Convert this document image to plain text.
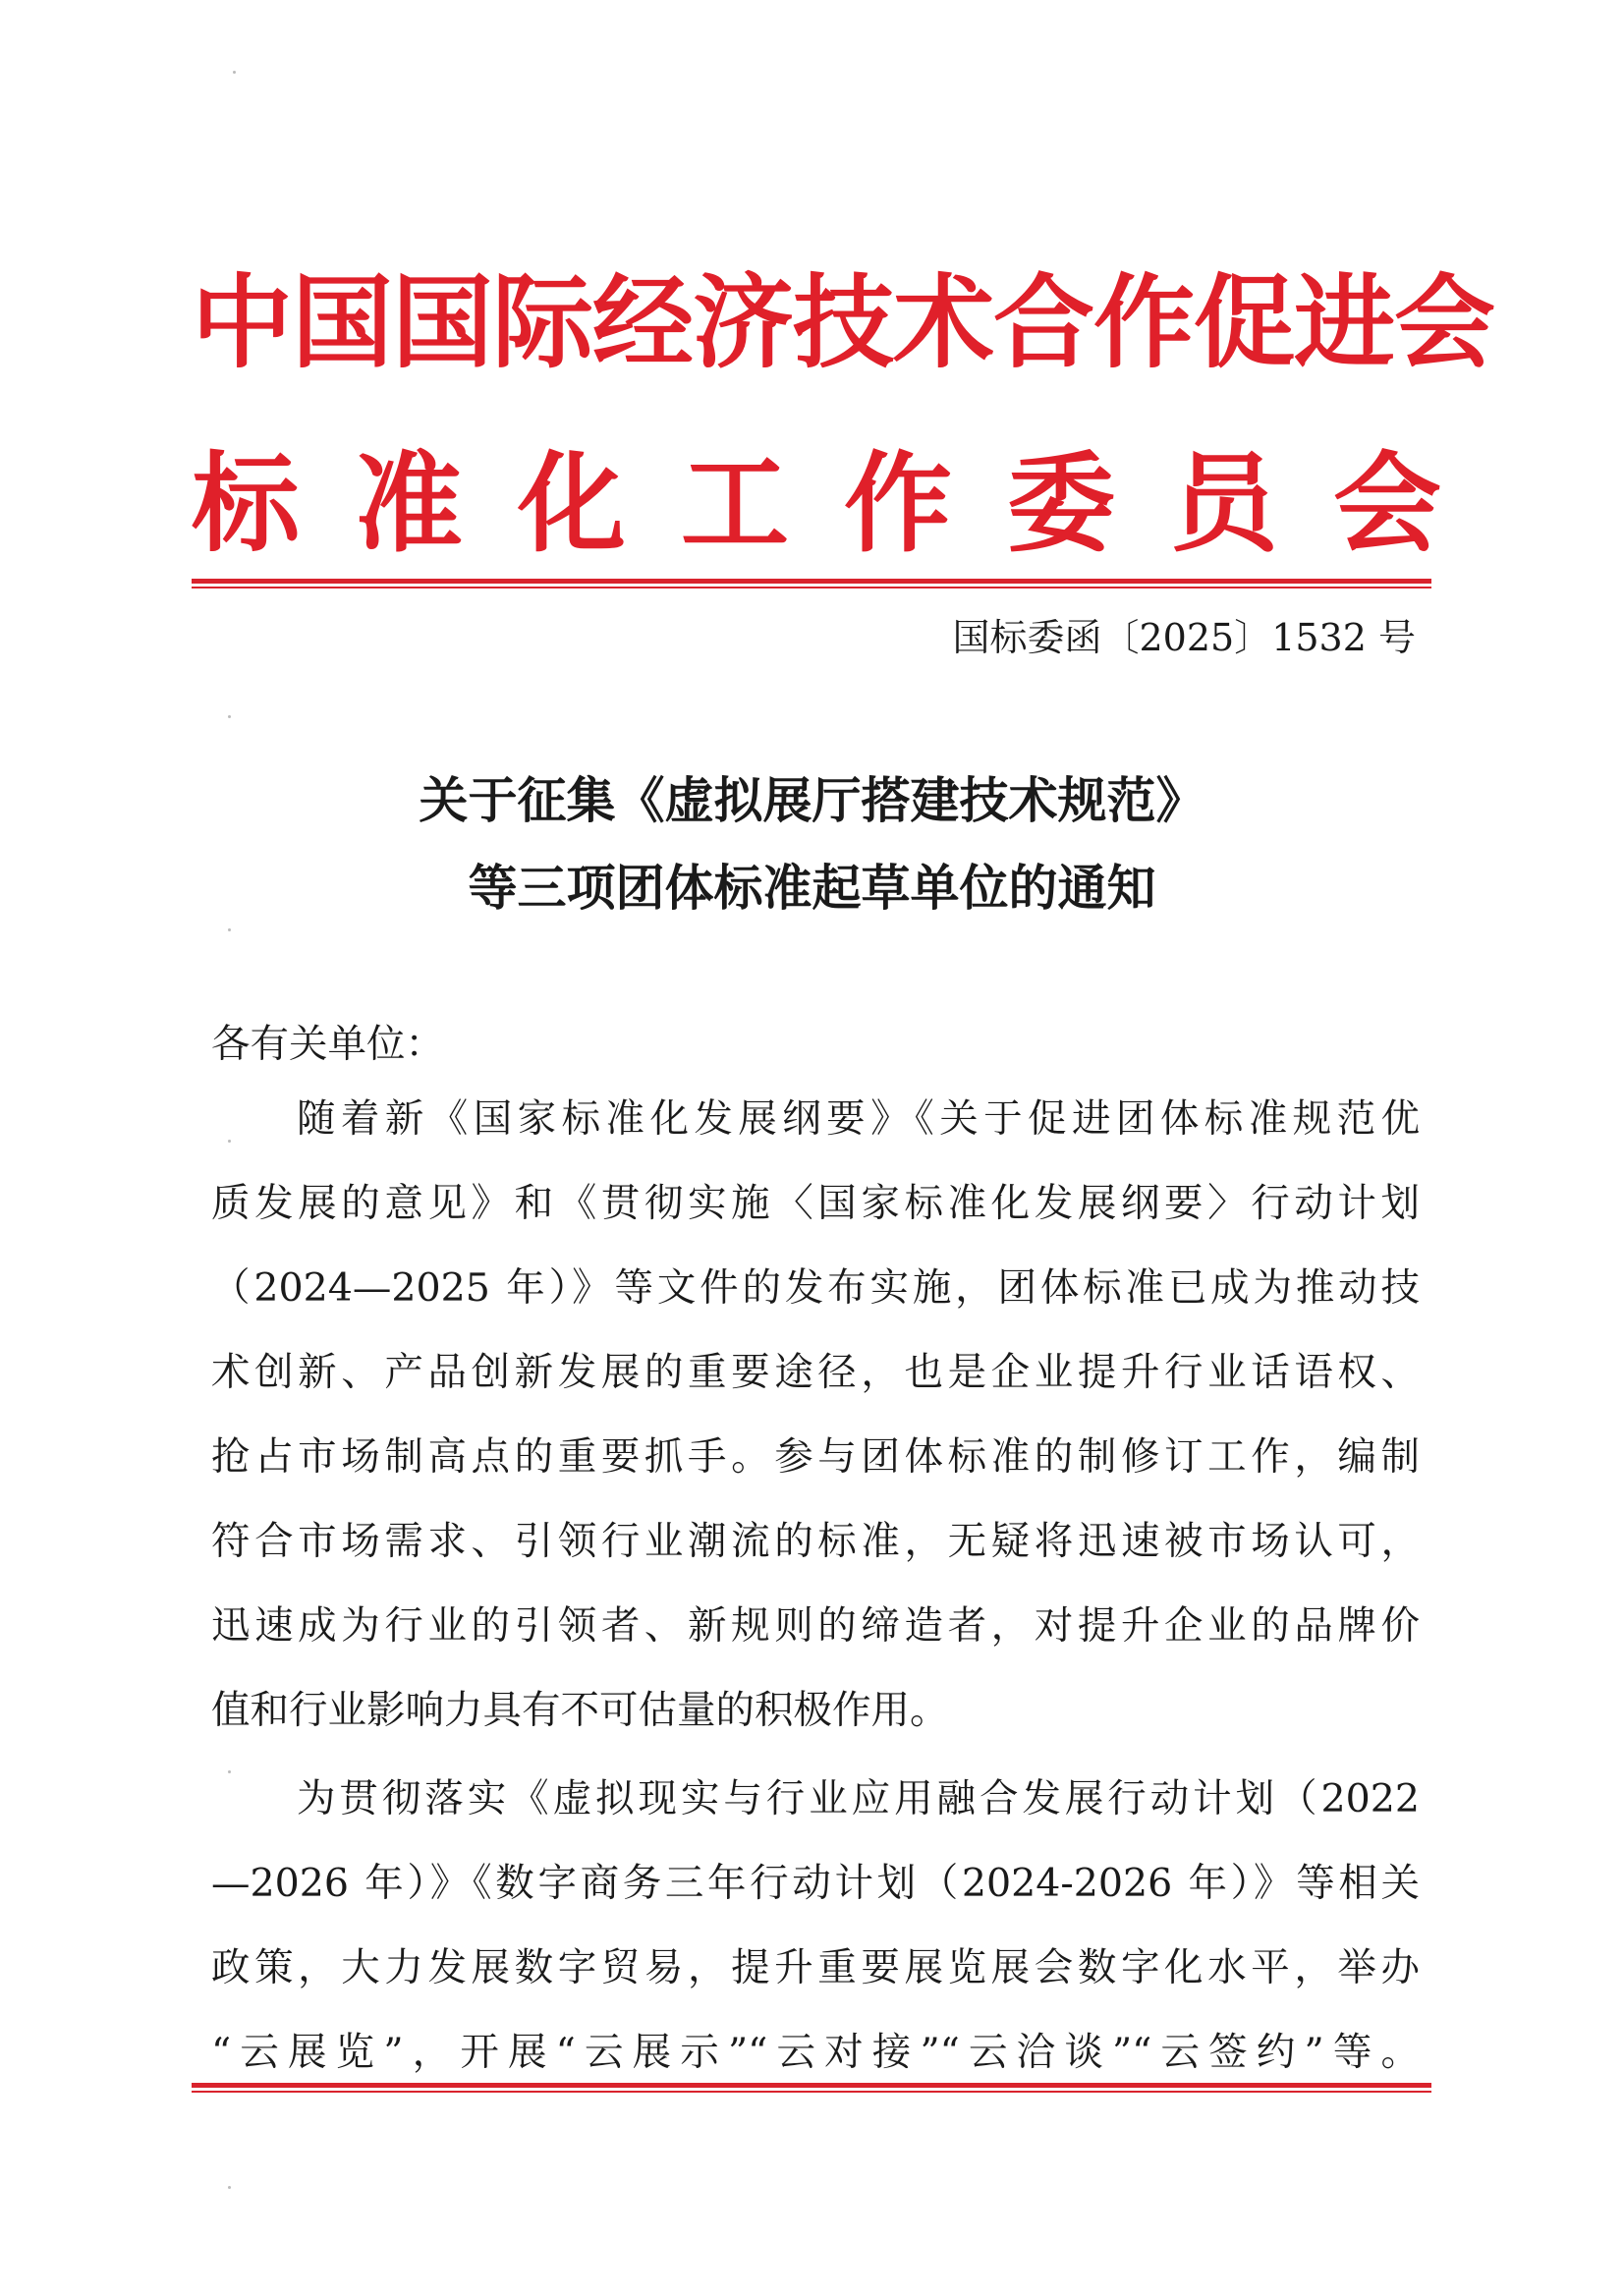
中国国际经济技术合作促进会
标准化工作委员会
国标委函〔2025〕1532 号
关于征集《虚拟展厅搭建技术规范》
等三项团体标准起草单位的通知
各有关单位：
随着新《国家标准化发展纲要》《关于促进团体标准规范优
质发展的意见》和《贯彻实施〈国家标准化发展纲要〉行动计划
（2024—2025 年）》等文件的发布实施，团体标准已成为推动技
术创新、产品创新发展的重要途径，也是企业提升行业话语权、
抢占市场制高点的重要抓手。参与团体标准的制修订工作，编制
符合市场需求、引领行业潮流的标准，无疑将迅速被市场认可，
迅速成为行业的引领者、新规则的缔造者，对提升企业的品牌价
值和行业影响力具有不可估量的积极作用。
为贯彻落实《虚拟现实与行业应用融合发展行动计划（2022
—2026 年）》《数字商务三年行动计划（2024-2026 年）》等相关
政策，大力发展数字贸易，提升重要展览展会数字化水平，举办
“云展览”，开展“云展示”“云对接”“云洽谈”“云签约”等。
